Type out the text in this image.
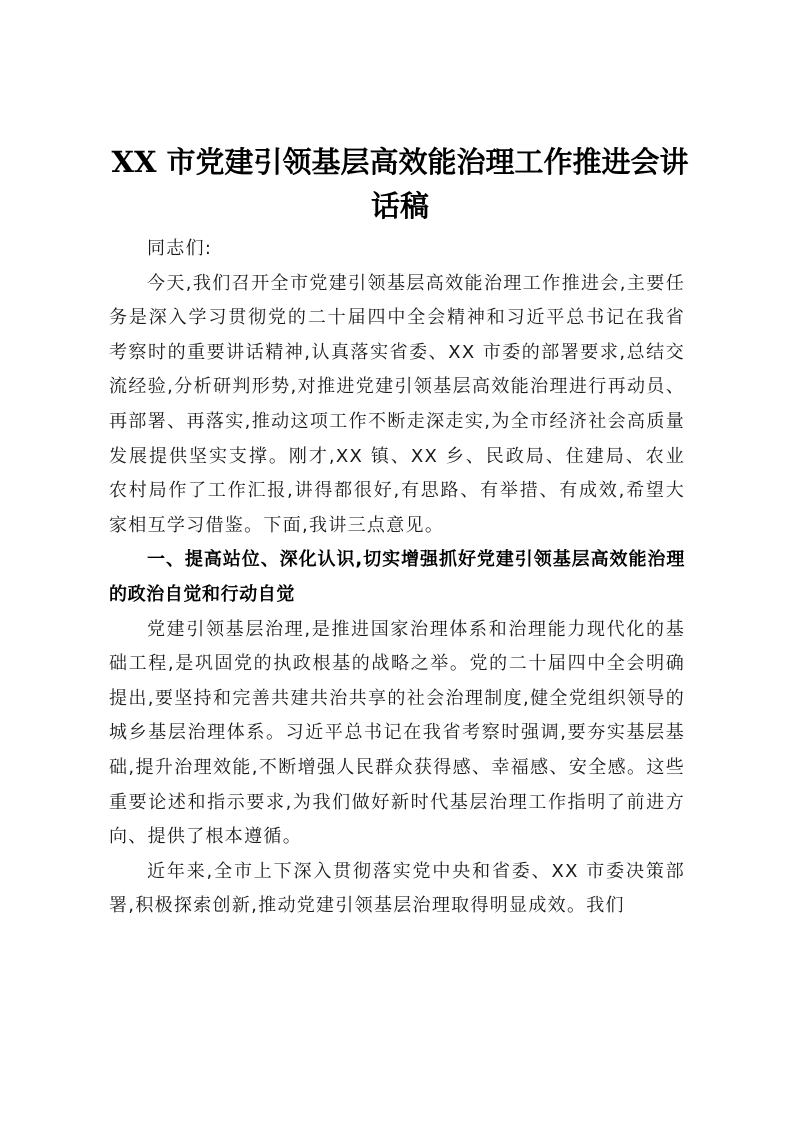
XX 市党建引领基层高效能治理工作推进会讲话稿

同志们:

今天,我们召开全市党建引领基层高效能治理工作推进会,主要任务是深入学习贯彻党的二十届四中全会精神和习近平总书记在我省考察时的重要讲话精神,认真落实省委、XX 市委的部署要求,总结交流经验,分析研判形势,对推进党建引领基层高效能治理进行再动员、再部署、再落实,推动这项工作不断走深走实,为全市经济社会高质量发展提供坚实支撑。刚才,XX 镇、XX 乡、民政局、住建局、农业农村局作了工作汇报,讲得都很好,有思路、有举措、有成效,希望大家相互学习借鉴。下面,我讲三点意见。

一、提高站位、深化认识,切实增强抓好党建引领基层高效能治理的政治自觉和行动自觉

党建引领基层治理,是推进国家治理体系和治理能力现代化的基础工程,是巩固党的执政根基的战略之举。党的二十届四中全会明确提出,要坚持和完善共建共治共享的社会治理制度,健全党组织领导的城乡基层治理体系。习近平总书记在我省考察时强调,要夯实基层基础,提升治理效能,不断增强人民群众获得感、幸福感、安全感。这些重要论述和指示要求,为我们做好新时代基层治理工作指明了前进方向、提供了根本遵循。

近年来,全市上下深入贯彻落实党中央和省委、XX 市委决策部署,积极探索创新,推动党建引领基层治理取得明显成效。我们
